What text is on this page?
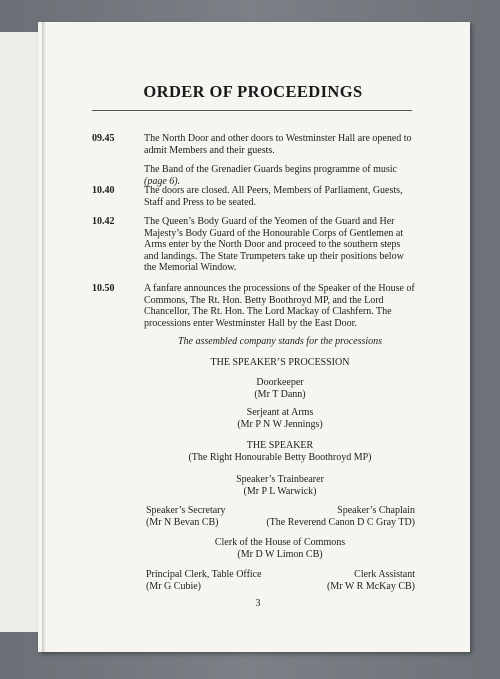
ORDER OF PROCEEDINGS
09.45	The North Door and other doors to Westminster Hall are opened to admit Members and their guests.
The Band of the Grenadier Guards begins programme of music (page 6).
10.40	The doors are closed. All Peers, Members of Parliament, Guests, Staff and Press to be seated.
10.42	The Queen’s Body Guard of the Yeomen of the Guard and Her Majesty’s Body Guard of the Honourable Corps of Gentlemen at Arms enter by the North Door and proceed to the southern steps and landings. The State Trumpeters take up their positions below the Memorial Window.
10.50	A fanfare announces the processions of the Speaker of the House of Commons, The Rt. Hon. Betty Boothroyd MP, and the Lord Chancellor, The Rt. Hon. The Lord Mackay of Clashfern. The processions enter Westminster Hall by the East Door.
The assembled company stands for the processions
THE SPEAKER’S PROCESSION
Doorkeeper
(Mr T Dann)
Serjeant at Arms
(Mr P N W Jennings)
THE SPEAKER
(The Right Honourable Betty Boothroyd MP)
Speaker’s Trainbearer
(Mr P L Warwick)
Speaker’s Secretary
(Mr N Bevan CB)
Speaker’s Chaplain
(The Reverend Canon D C Gray TD)
Clerk of the House of Commons
(Mr D W Limon CB)
Principal Clerk, Table Office
(Mr G Cubie)
Clerk Assistant
(Mr W R McKay CB)
3
